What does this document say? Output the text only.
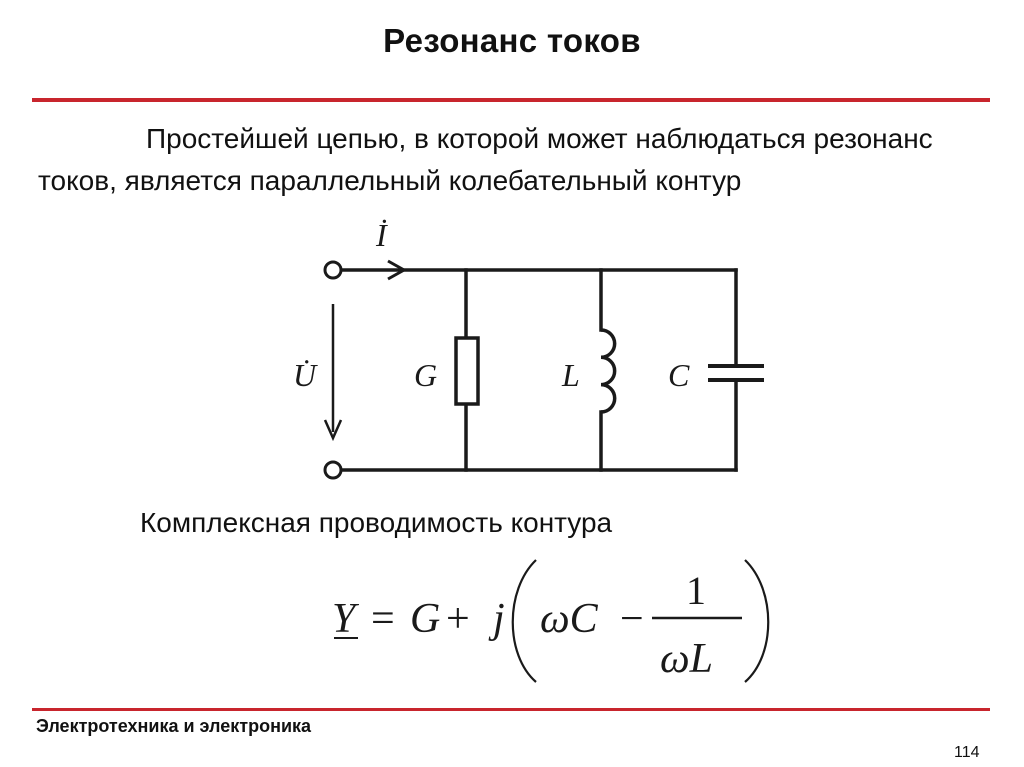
Резонанс токов
Простейшей цепью, в которой может наблюдаться резонанс токов, является параллельный колебательный контур
İ
U̇	G	L	C
Комплексная проводимость контура
Y = G + j ωC −
1
ωL
Электротехника и электроника
114
